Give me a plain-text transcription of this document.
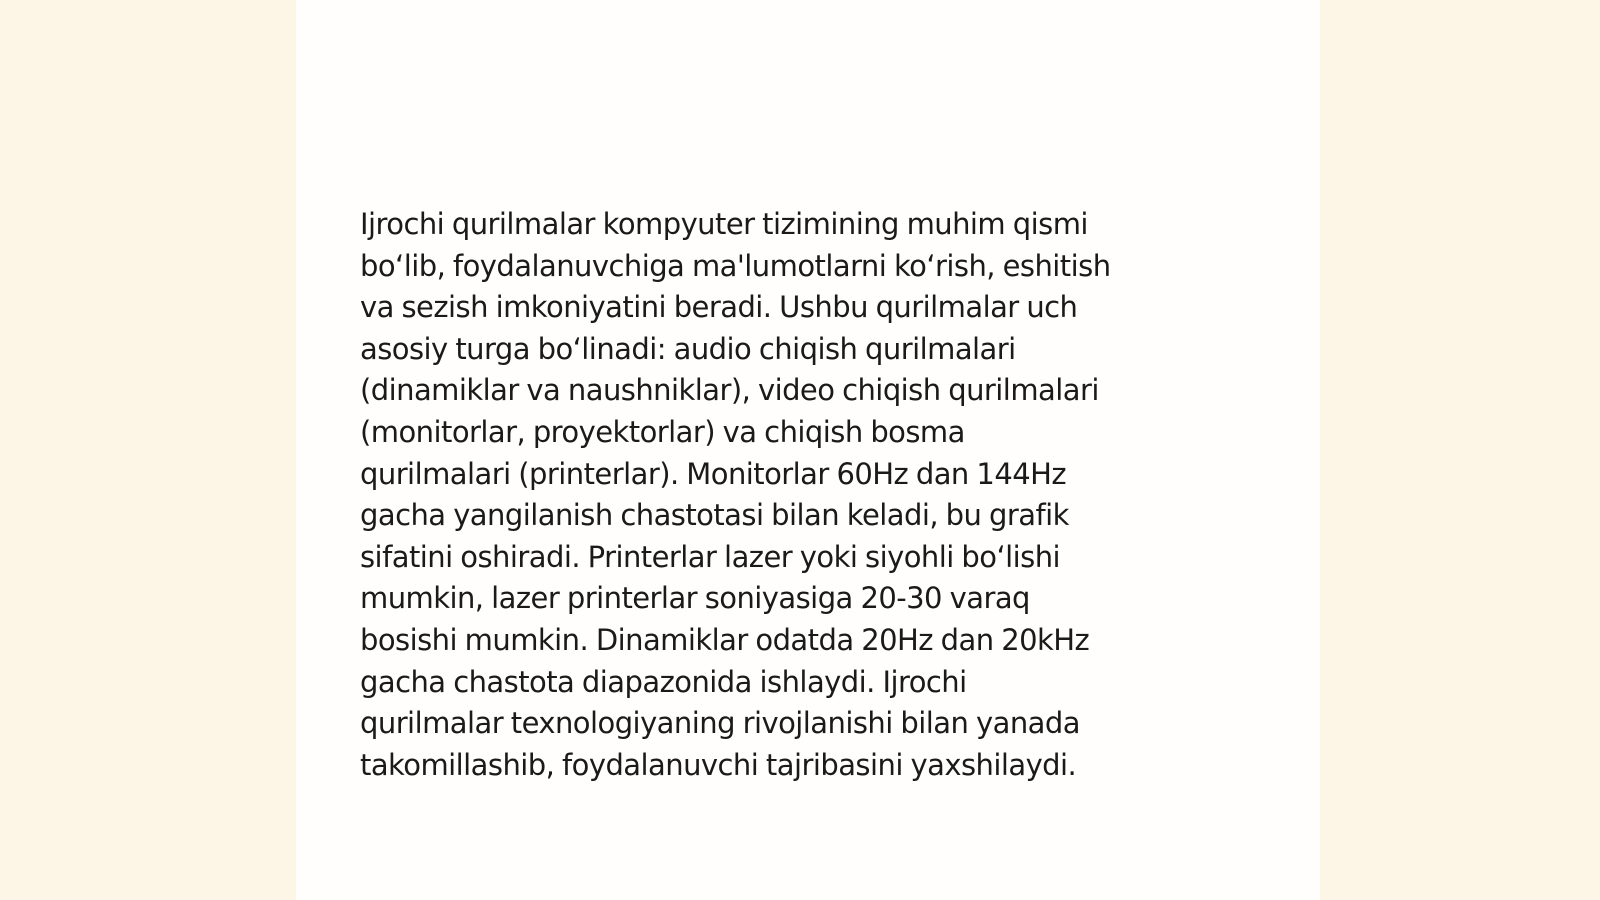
Ijrochi qurilmalar kompyuter tizimining muhim qismi
bo‘lib, foydalanuvchiga ma'lumotlarni ko‘rish, eshitish
va sezish imkoniyatini beradi. Ushbu qurilmalar uch
asosiy turga bo‘linadi: audio chiqish qurilmalari
(dinamiklar va naushniklar), video chiqish qurilmalari
(monitorlar, proyektorlar) va chiqish bosma
qurilmalari (printerlar). Monitorlar 60Hz dan 144Hz
gacha yangilanish chastotasi bilan keladi, bu grafik
sifatini oshiradi. Printerlar lazer yoki siyohli bo‘lishi
mumkin, lazer printerlar soniyasiga 20-30 varaq
bosishi mumkin. Dinamiklar odatda 20Hz dan 20kHz
gacha chastota diapazonida ishlaydi. Ijrochi
qurilmalar texnologiyaning rivojlanishi bilan yanada
takomillashib, foydalanuvchi tajribasini yaxshilaydi.
